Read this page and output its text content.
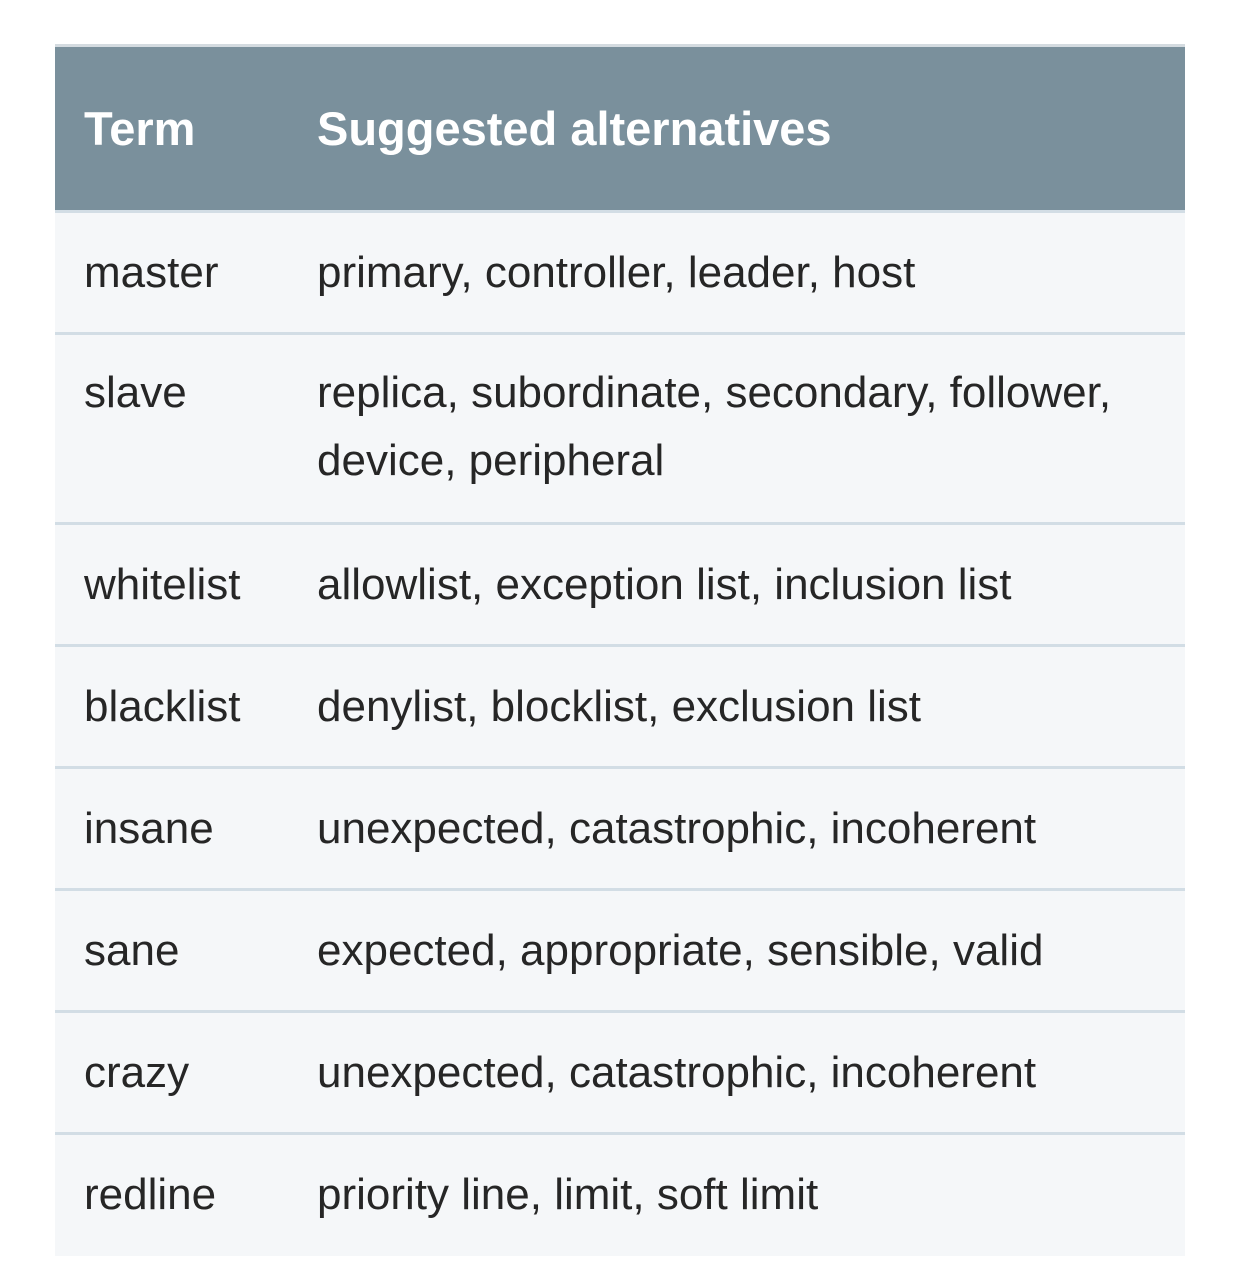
Term	Suggested alternatives
master	primary, controller, leader, host
slave	replica, subordinate, secondary, follower, device, peripheral
whitelist	allowlist, exception list, inclusion list
blacklist	denylist, blocklist, exclusion list
insane	unexpected, catastrophic, incoherent
sane	expected, appropriate, sensible, valid
crazy	unexpected, catastrophic, incoherent
redline	priority line, limit, soft limit
